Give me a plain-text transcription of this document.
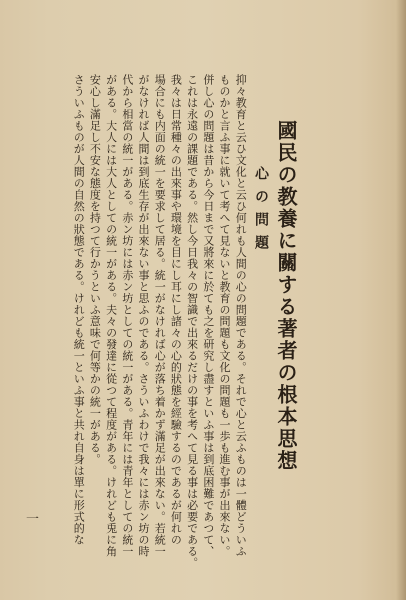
國民の教養に關する著者の根本思想
心の問題
抑々教育と云ひ文化と云ひ何れも人間の心の問題である。それで心と云ふものは一體どういふ
ものかと言ふ事に就いて考へて見ないと教育の問題も文化の問題も一歩も進む事が出來ない。
併し心の問題は昔から今日まで又將來に於ても之を研究し盡すといふ事は到底困難であつて、
これは永遠の課題である。然し今日我々の智識で出來るだけの事を考へて見る事は必要である。
我々は日常種々の出來事や環境を目にし耳にし諸々の心的狀態を經驗するのであるが何れの
場合にも内面の統一を要求して居る。統一がなければ心が落ち着かず滿足が出來ない。若統一
がなければ人間は到底生存が出來ない事と思ふのである。さういふわけで我々には赤ン坊の時
代から相當の統一がある。赤ン坊には赤ン坊としての統一がある。青年には青年としての統一
がある。大人には大人としての統一がある。夫々の發達に從つて程度がある。けれども兎に角
安心し滿足し不安な態度を持つて行かうといふ意味で何等かの統一がある。
さういふものが人間の自然の狀態である。けれども統一といふ事と共れ自身は單に形式的な
一
